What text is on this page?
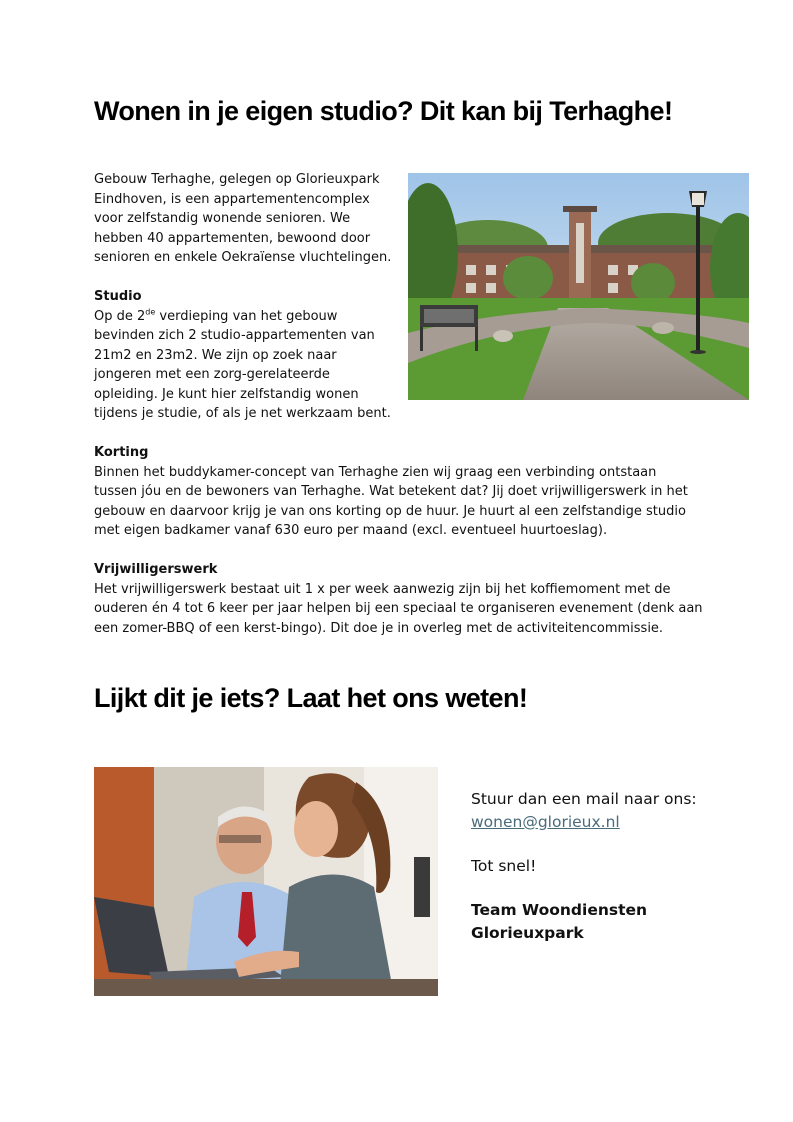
Wonen in je eigen studio? Dit kan bij Terhaghe!
Gebouw Terhaghe, gelegen op Glorieuxpark
Eindhoven, is een appartementencomplex
voor zelfstandig wonende senioren. We
hebben 40 appartementen, bewoond door
senioren en enkele Oekraïense vluchtelingen.
Studio
Op de 2de verdieping van het gebouw
bevinden zich 2 studio-appartementen van
21m2 en 23m2. We zijn op zoek naar
jongeren met een zorg-gerelateerde
opleiding. Je kunt hier zelfstandig wonen
tijdens je studie, of als je net werkzaam bent.
Korting
Binnen het buddykamer-concept van Terhaghe zien wij graag een verbinding ontstaan
tussen jóu en de bewoners van Terhaghe. Wat betekent dat? Jij doet vrijwilligerswerk in het
gebouw en daarvoor krijg je van ons korting op de huur. Je huurt al een zelfstandige studio
met eigen badkamer vanaf 630 euro per maand (excl. eventueel huurtoeslag).
Vrijwilligerswerk
Het vrijwilligerswerk bestaat uit 1 x per week aanwezig zijn bij het koffiemoment met de
ouderen én 4 tot 6 keer per jaar helpen bij een speciaal te organiseren evenement (denk aan
een zomer-BBQ of een kerst-bingo). Dit doe je in overleg met de activiteitencommissie.
Lijkt dit je iets? Laat het ons weten!
Stuur dan een mail naar ons:
wonen@glorieux.nl
Tot snel!
Team Woondiensten
Glorieuxpark
